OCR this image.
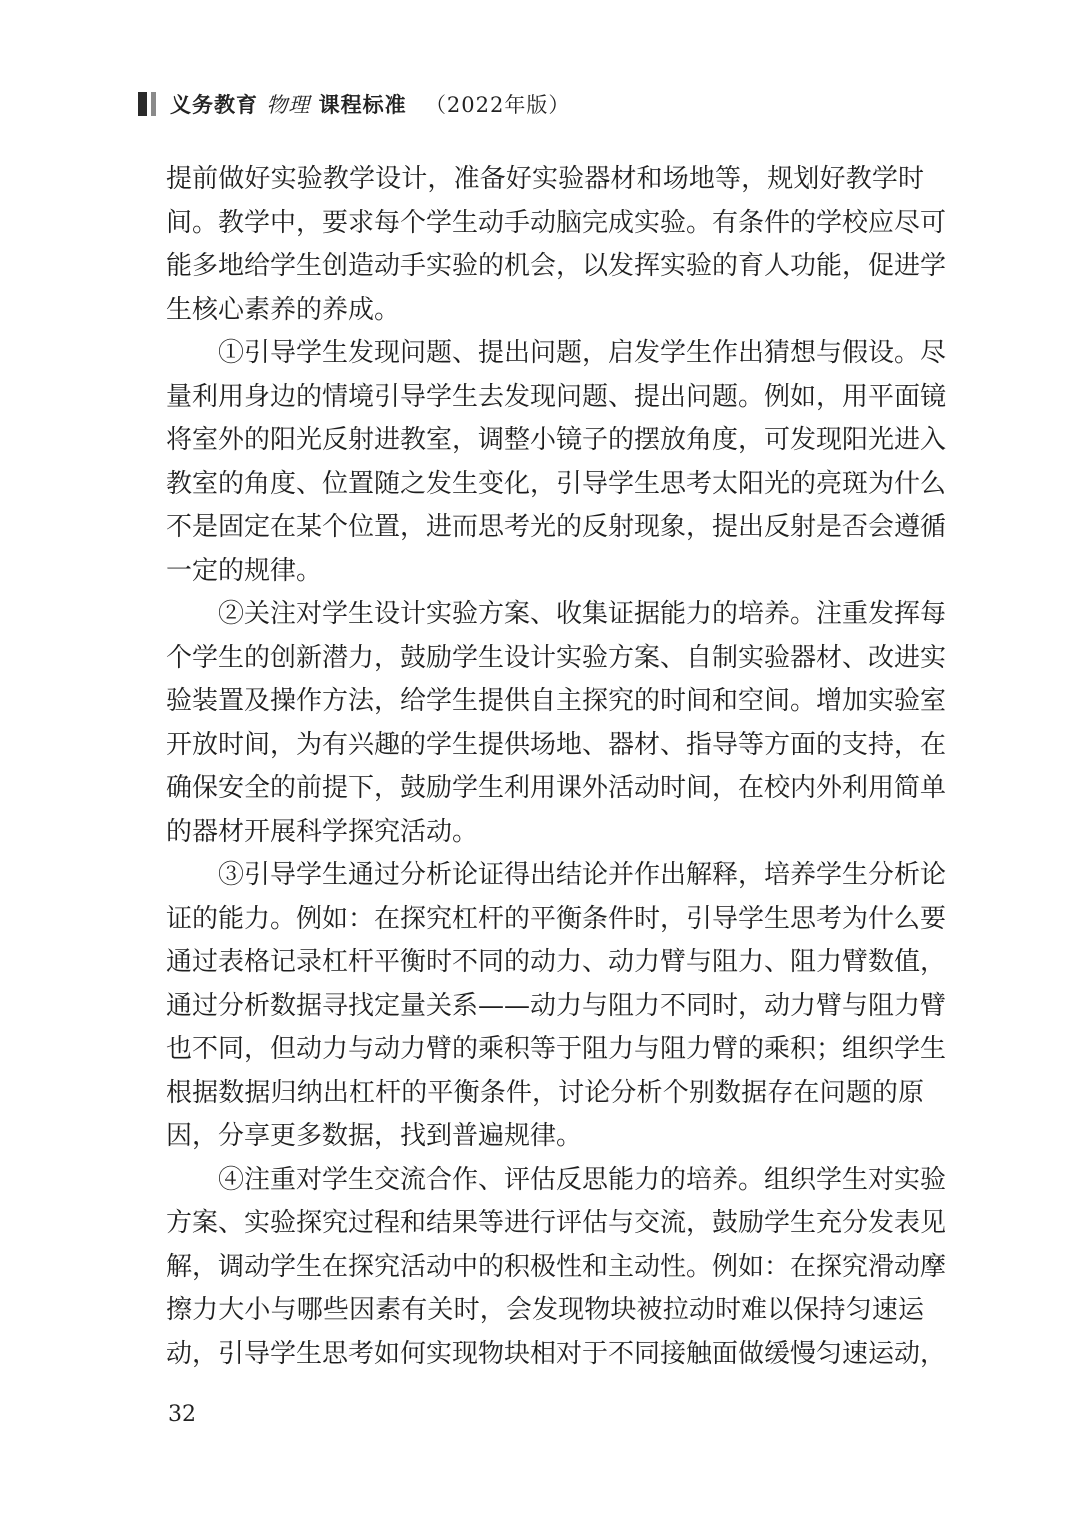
义务教育 物理 课程标准 （2022年版）

提前做好实验教学设计，准备好实验器材和场地等，规划好教学时
间。教学中，要求每个学生动手动脑完成实验。有条件的学校应尽可
能多地给学生创造动手实验的机会，以发挥实验的育人功能，促进学
生核心素养的养成。

①引导学生发现问题、提出问题，启发学生作出猜想与假设。尽
量利用身边的情境引导学生去发现问题、提出问题。例如，用平面镜
将室外的阳光反射进教室，调整小镜子的摆放角度，可发现阳光进入
教室的角度、位置随之发生变化，引导学生思考太阳光的亮斑为什么
不是固定在某个位置，进而思考光的反射现象，提出反射是否会遵循
一定的规律。

②关注对学生设计实验方案、收集证据能力的培养。注重发挥每
个学生的创新潜力，鼓励学生设计实验方案、自制实验器材、改进实
验装置及操作方法，给学生提供自主探究的时间和空间。增加实验室
开放时间，为有兴趣的学生提供场地、器材、指导等方面的支持，在
确保安全的前提下，鼓励学生利用课外活动时间，在校内外利用简单
的器材开展科学探究活动。

③引导学生通过分析论证得出结论并作出解释，培养学生分析论
证的能力。例如：在探究杠杆的平衡条件时，引导学生思考为什么要
通过表格记录杠杆平衡时不同的动力、动力臂与阻力、阻力臂数值，
通过分析数据寻找定量关系——动力与阻力不同时，动力臂与阻力臂
也不同，但动力与动力臂的乘积等于阻力与阻力臂的乘积；组织学生
根据数据归纳出杠杆的平衡条件，讨论分析个别数据存在问题的原
因，分享更多数据，找到普遍规律。

④注重对学生交流合作、评估反思能力的培养。组织学生对实验
方案、实验探究过程和结果等进行评估与交流，鼓励学生充分发表见
解，调动学生在探究活动中的积极性和主动性。例如：在探究滑动摩
擦力大小与哪些因素有关时，会发现物块被拉动时难以保持匀速运
动，引导学生思考如何实现物块相对于不同接触面做缓慢匀速运动，

32
